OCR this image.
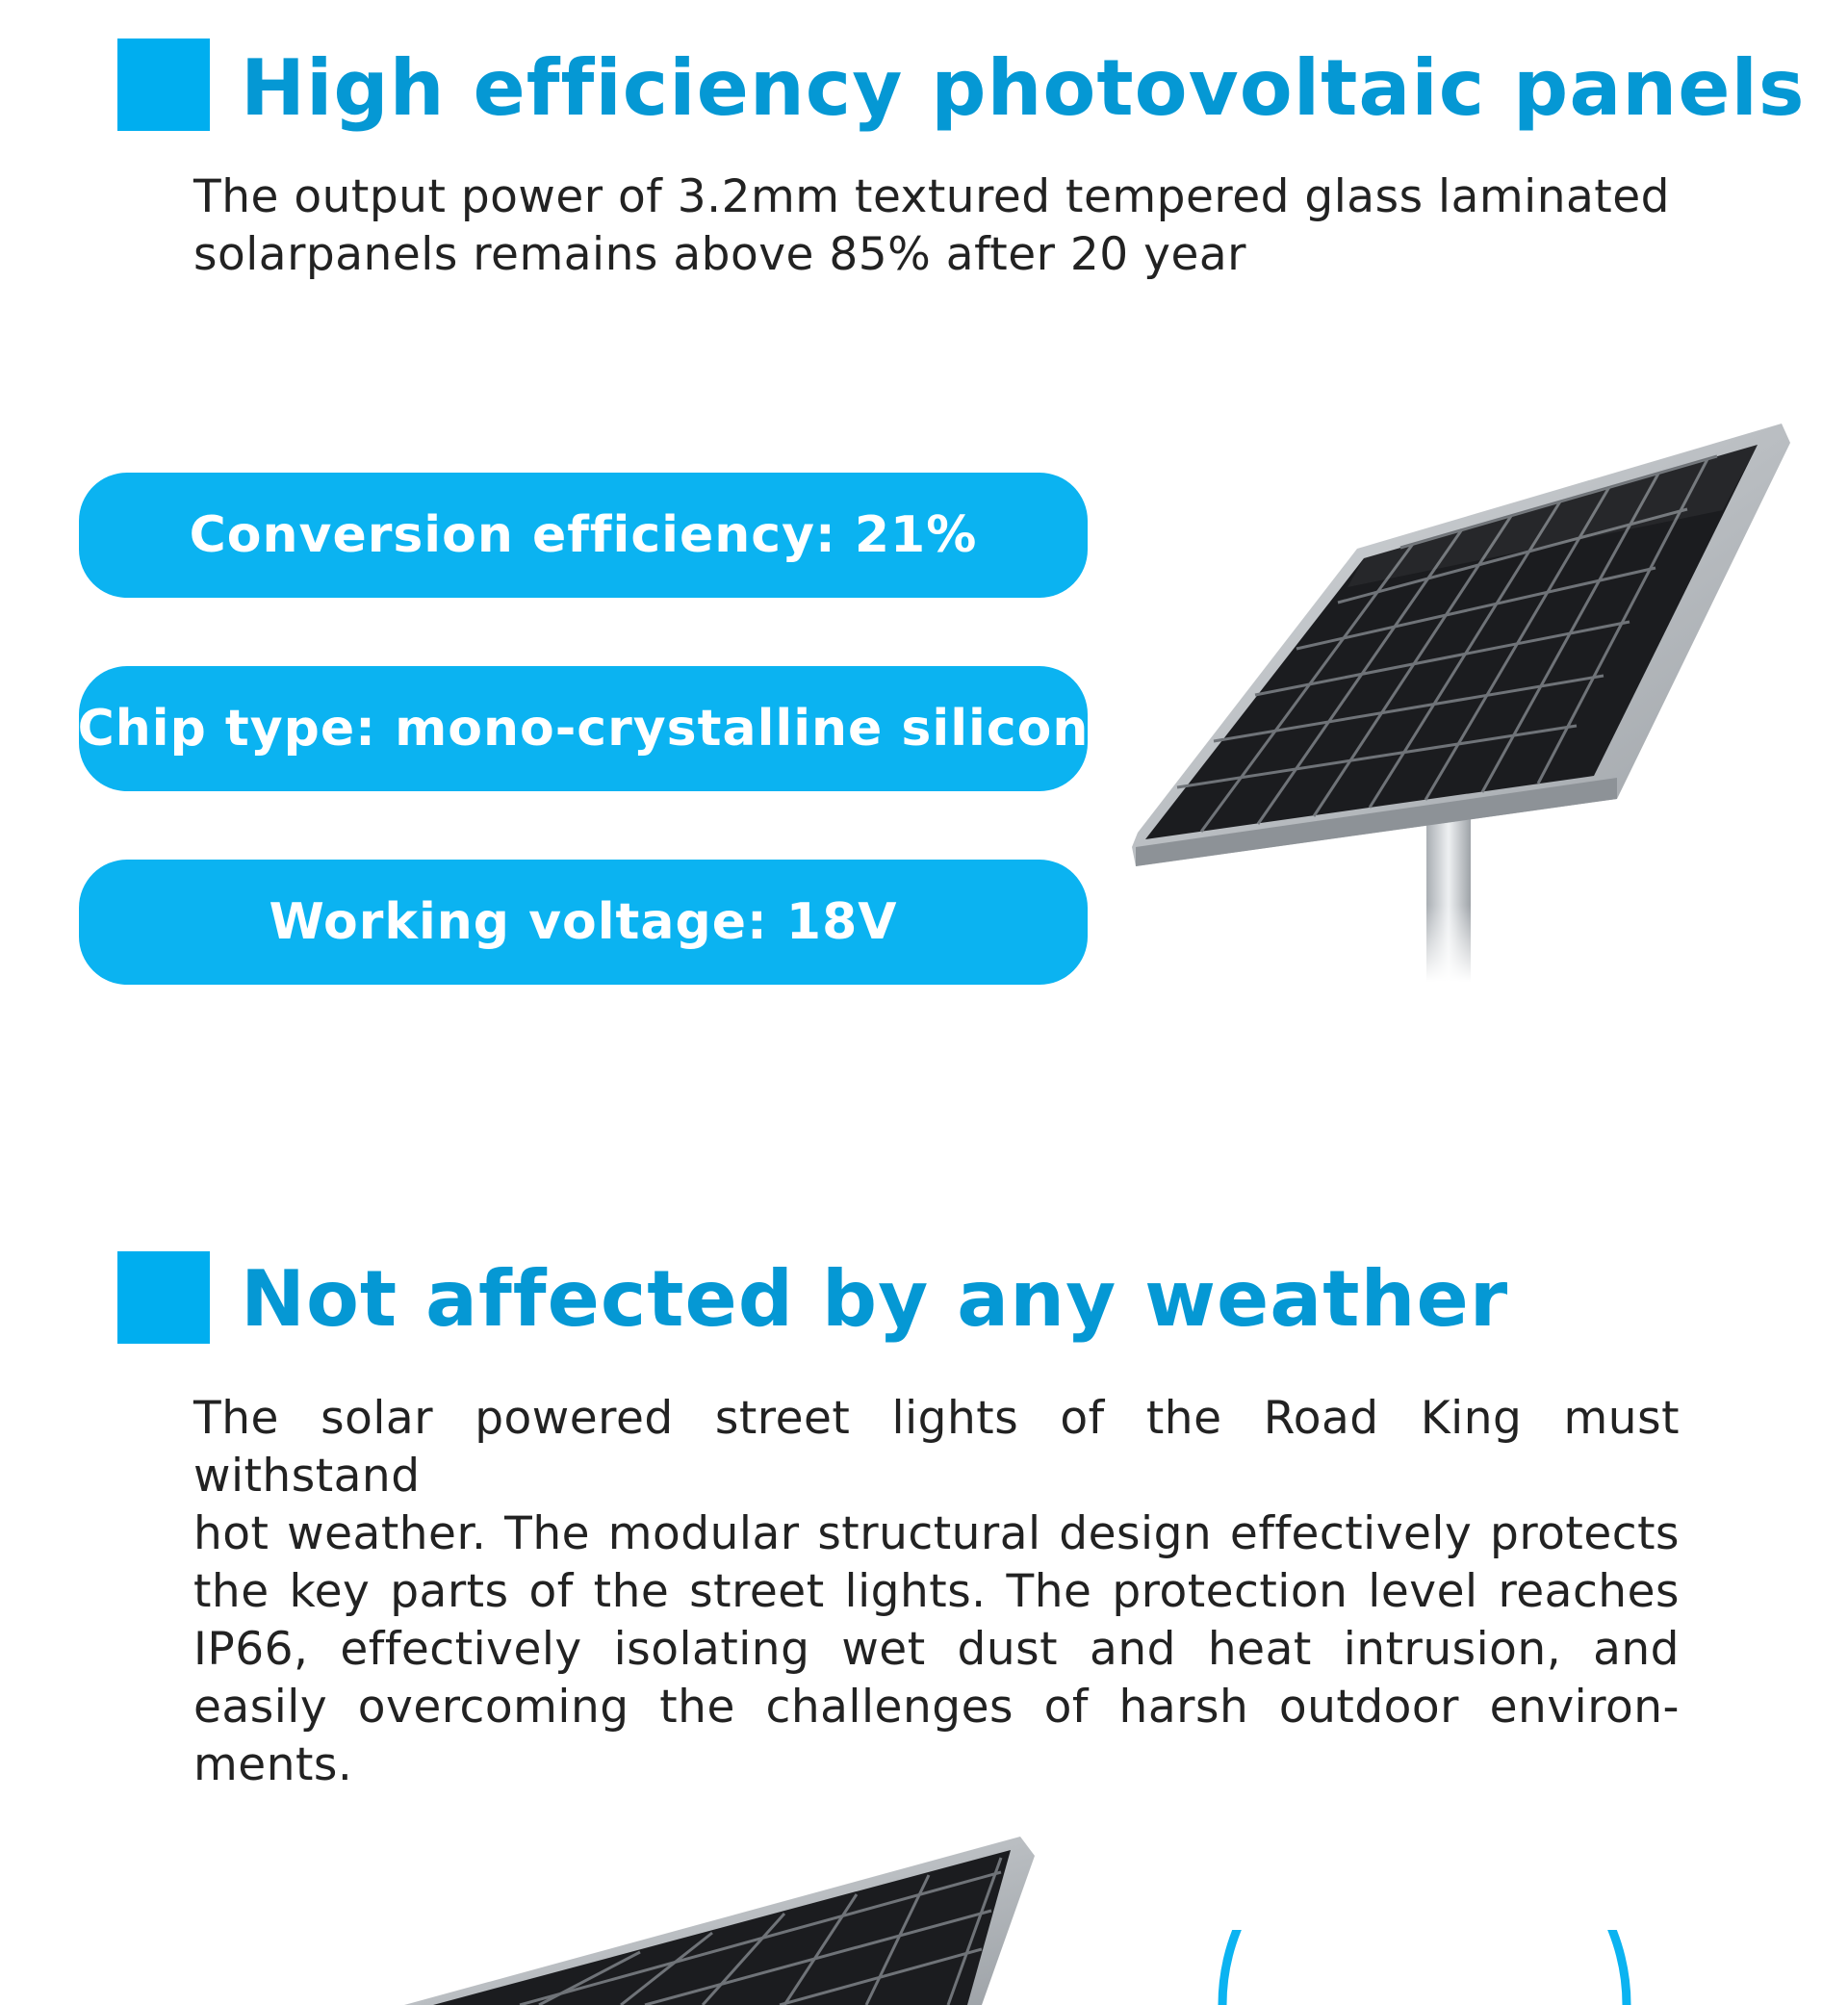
High efficiency photovoltaic panels
The output power of 3.2mm textured tempered glass laminated
solarpanels remains above 85% after 20 year
Conversion efficiency: 21%
Chip type: mono-crystalline silicon
Working voltage: 18V
Not affected by any weather
The solar powered street lights of the Road King must withstand
hot weather. The modular structural design effectively protects
the key parts of the street lights. The protection level reaches
IP66, effectively isolating wet dust and heat intrusion, and
easily overcoming the challenges of harsh outdoor environ-
ments.
